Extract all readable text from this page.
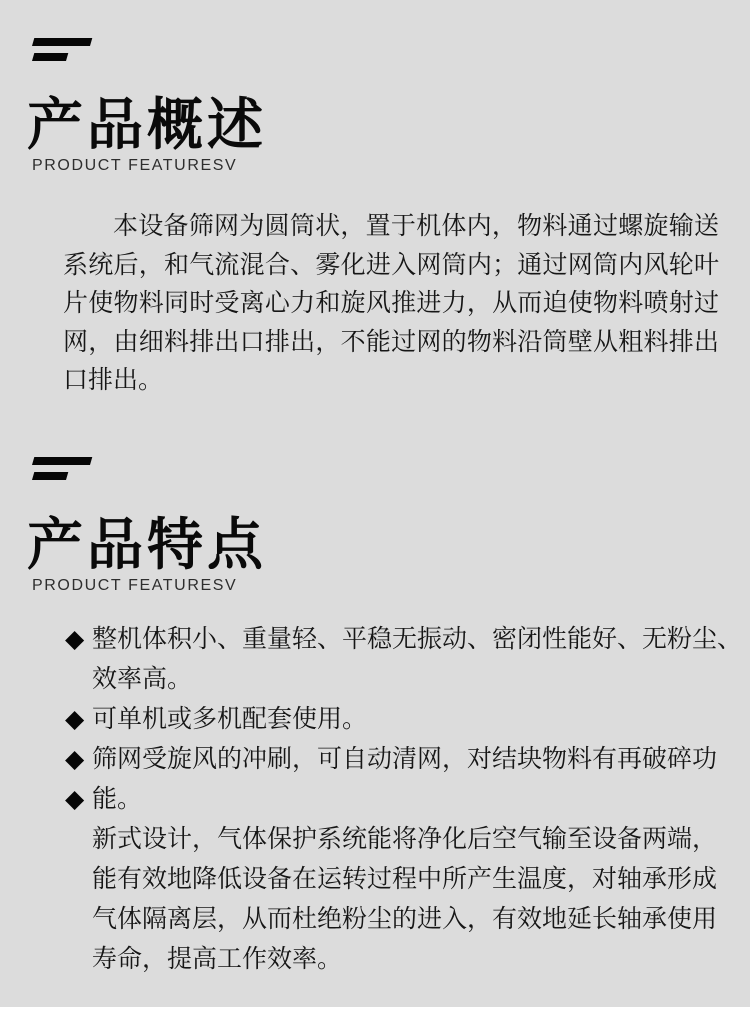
产品概述
PRODUCT FEATURESV

本设备筛网为圆筒状，置于机体内，物料通过螺旋输送系统后，和气流混合、雾化进入网筒内；通过网筒内风轮叶片使物料同时受离心力和旋风推进力，从而迫使物料喷射过网，由细料排出口排出，不能过网的物料沿筒壁从粗料排出口排出。

产品特点
PRODUCT FEATURESV
◆ 整机体积小、重量轻、平稳无振动、密闭性能好、无粉尘、
效率高。
◆ 可单机或多机配套使用。
◆ 筛网受旋风的冲刷，可自动清网，对结块物料有再破碎功
◆ 能。
新式设计，气体保护系统能将净化后空气输至设备两端，
能有效地降低设备在运转过程中所产生温度，对轴承形成
气体隔离层，从而杜绝粉尘的进入，有效地延长轴承使用
寿命，提高工作效率。
